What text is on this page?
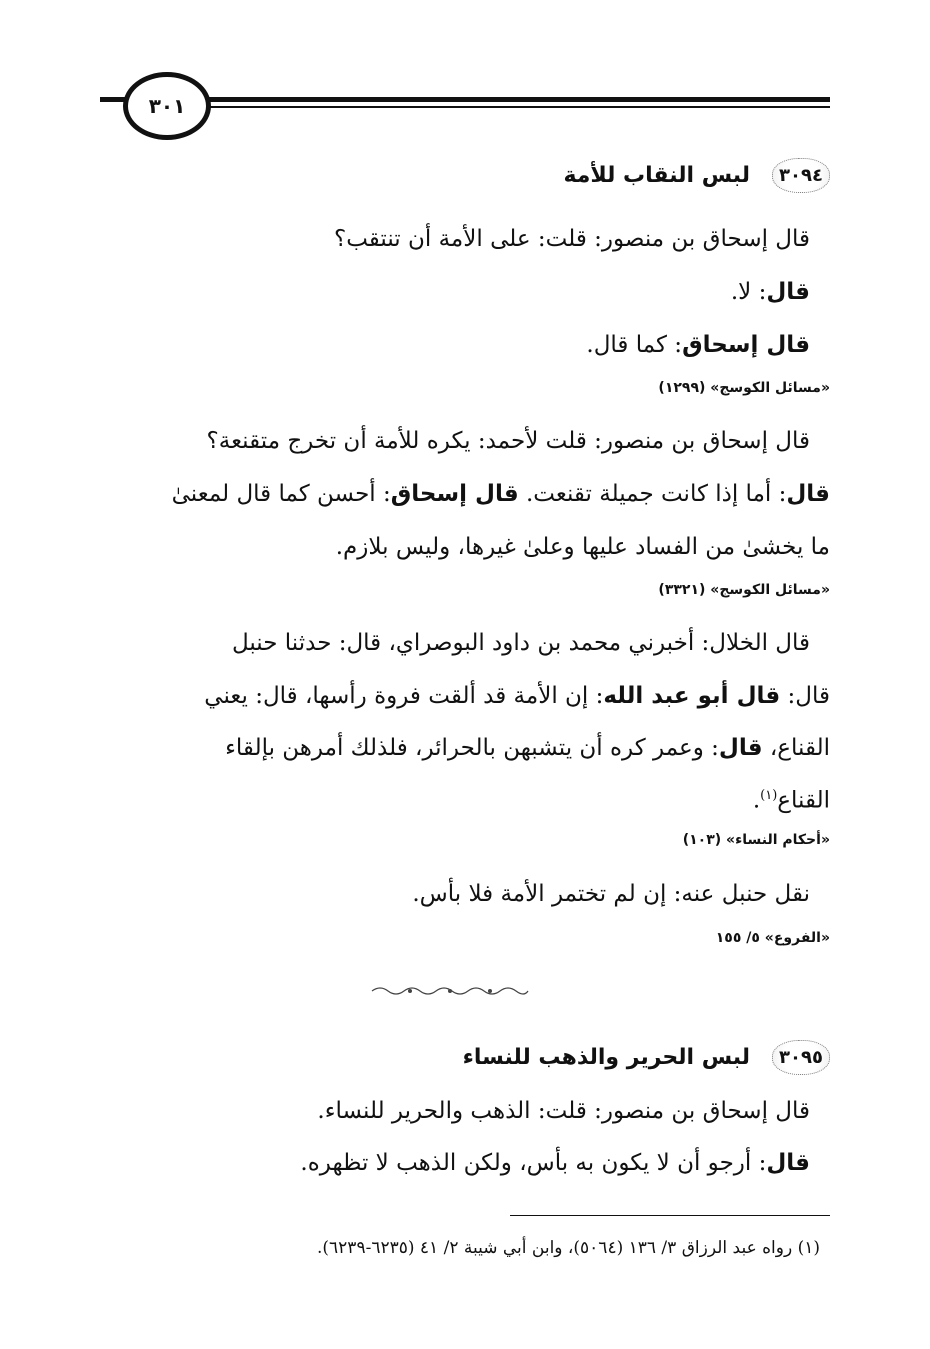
٣٠١
٣٠٩٤
لبس النقاب للأمة
قال إسحاق بن منصور: قلت: على الأمة أن تنتقب؟
قال: لا.
قال إسحاق: كما قال.
«مسائل الكوسج» (١٢٩٩)
قال إسحاق بن منصور: قلت لأحمد: يكره للأمة أن تخرج متقنعة؟
قال: أما إذا كانت جميلة تقنعت. قال إسحاق: أحسن كما قال لمعنىٰ
ما يخشىٰ من الفساد عليها وعلىٰ غيرها، وليس بلازم.
«مسائل الكوسج» (٣٣٢١)
قال الخلال: أخبرني محمد بن داود البوصراي، قال: حدثنا حنبل
قال: قال أبو عبد الله: إن الأمة قد ألقت فروة رأسها، قال: يعني
القناع، قال: وعمر كره أن يتشبهن بالحرائر، فلذلك أمرهن بإلقاء
القناع$^{(١)}$.
«أحكام النساء» (١٠٣)
نقل حنبل عنه: إن لم تختمر الأمة فلا بأس.
«الفروع» ٥/ ١٥٥
٣٠٩٥
لبس الحرير والذهب للنساء
قال إسحاق بن منصور: قلت: الذهب والحرير للنساء.
قال: أرجو أن لا يكون به بأس، ولكن الذهب لا تظهره.
(١) رواه عبد الرزاق ٣/ ١٣٦ (٥٠٦٤)، وابن أبي شيبة ٢/ ٤١ (٦٢٣٥-٦٢٣٩).
